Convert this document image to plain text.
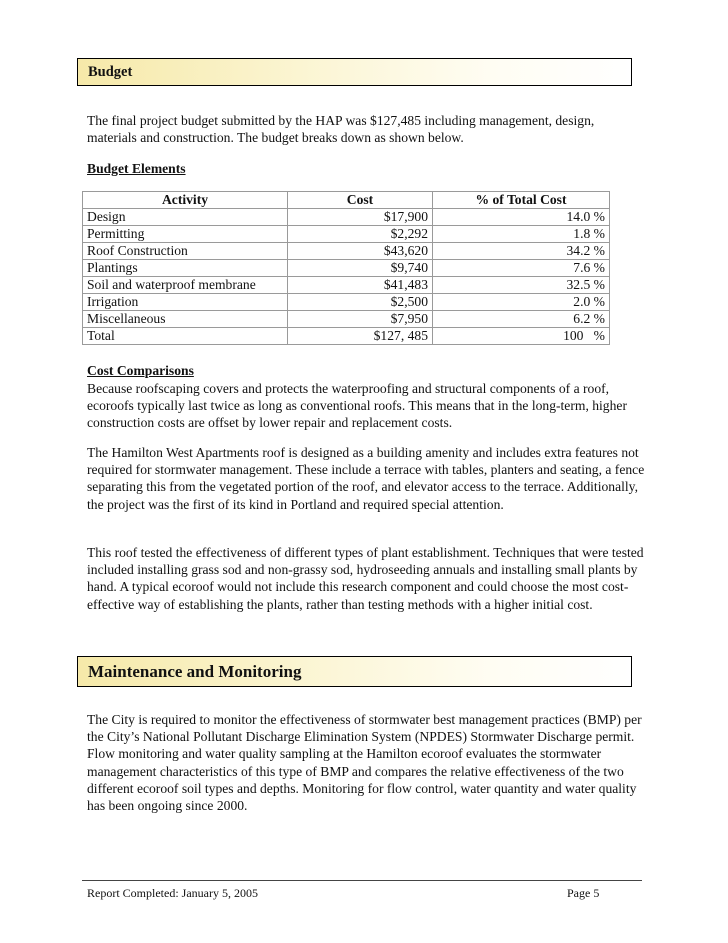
Budget

The final project budget submitted by the HAP was $127,485 including management, design, materials and construction. The budget breaks down as shown below.

Budget Elements

Activity	Cost	% of Total Cost
Design	$17,900	14.0 %
Permitting	$2,292	1.8 %
Roof Construction	$43,620	34.2 %
Plantings	$9,740	7.6 %
Soil and waterproof membrane	$41,483	32.5 %
Irrigation	$2,500	2.0 %
Miscellaneous	$7,950	6.2 %
Total	$127, 485	100   %

Cost Comparisons

Because roofscaping covers and protects the waterproofing and structural components of a roof, ecoroofs typically last twice as long as conventional roofs. This means that in the long-term, higher construction costs are offset by lower repair and replacement costs.

The Hamilton West Apartments roof is designed as a building amenity and includes extra features not required for stormwater management. These include a terrace with tables, planters and seating, a fence separating this from the vegetated portion of the roof, and elevator access to the terrace. Additionally, the project was the first of its kind in Portland and required special attention.

This roof tested the effectiveness of different types of plant establishment. Techniques that were tested included installing grass sod and non-grassy sod, hydroseeding annuals and installing small plants by hand. A typical ecoroof would not include this research component and could choose the most cost-effective way of establishing the plants, rather than testing methods with a higher initial cost.

Maintenance and Monitoring

The City is required to monitor the effectiveness of stormwater best management practices (BMP) per the City’s National Pollutant Discharge Elimination System (NPDES) Stormwater Discharge permit. Flow monitoring and water quality sampling at the Hamilton ecoroof evaluates the stormwater management characteristics of this type of BMP and compares the relative effectiveness of the two different ecoroof soil types and depths. Monitoring for flow control, water quantity and water quality has been ongoing since 2000.

Report Completed: January 5, 2005	Page 5
